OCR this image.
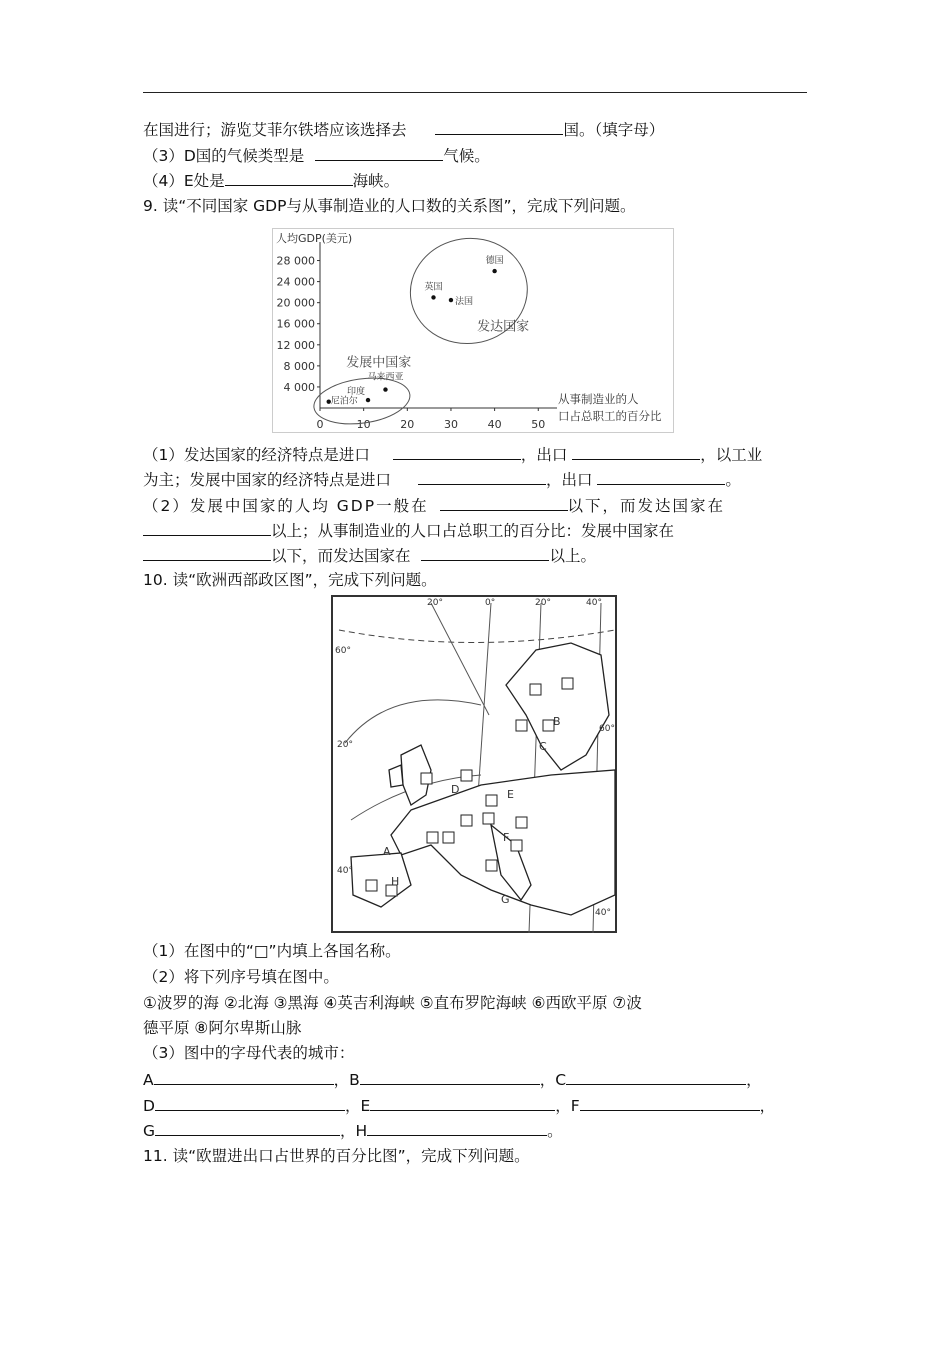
在国进行；游览艾菲尔铁塔应该选择去	国。（填字母）
（3）D国的气候类型是	气候。
（4）E处是	海峡。
9. 读“不同国家 GDP与从事制造业的人口数的关系图”，完成下列问题。
人均GDP(美元)
4 000
8 000
12 000
16 000
20 000
24 000
28 000
0	10	20	30	40	50
从事制造业的人
口占总职工的百分比
发达国家
发展中国家
德国
英国
法国
马来西亚
印度
尼泊尔
（1）发达国家的经济特点是进口	，出口	，以工业
为主；发展中国家的经济特点是进口	，出口	。
（2）发展中国家的人均 GDP一般在	以下，而发达国家在
以上；从事制造业的人口占总职工的百分比：发展中国家在
以下，而发达国家在	以上。
10. 读“欧洲西部政区图”，完成下列问题。
20°	0°	20°	40°
60°
20°
60°
40°
40°
A
B
C
D	E
F
G
H
（1）在图中的“□”内填上各国名称。
（2）将下列序号填在图中。
①波罗的海 ②北海 ③黑海 ④英吉利海峡 ⑤直布罗陀海峡 ⑥西欧平原 ⑦波
德平原 ⑧阿尔卑斯山脉
（3）图中的字母代表的城市：
A	，B	，C	，
D	，E	，F	，
G	，H	。
11. 读“欧盟进出口占世界的百分比图”，完成下列问题。
